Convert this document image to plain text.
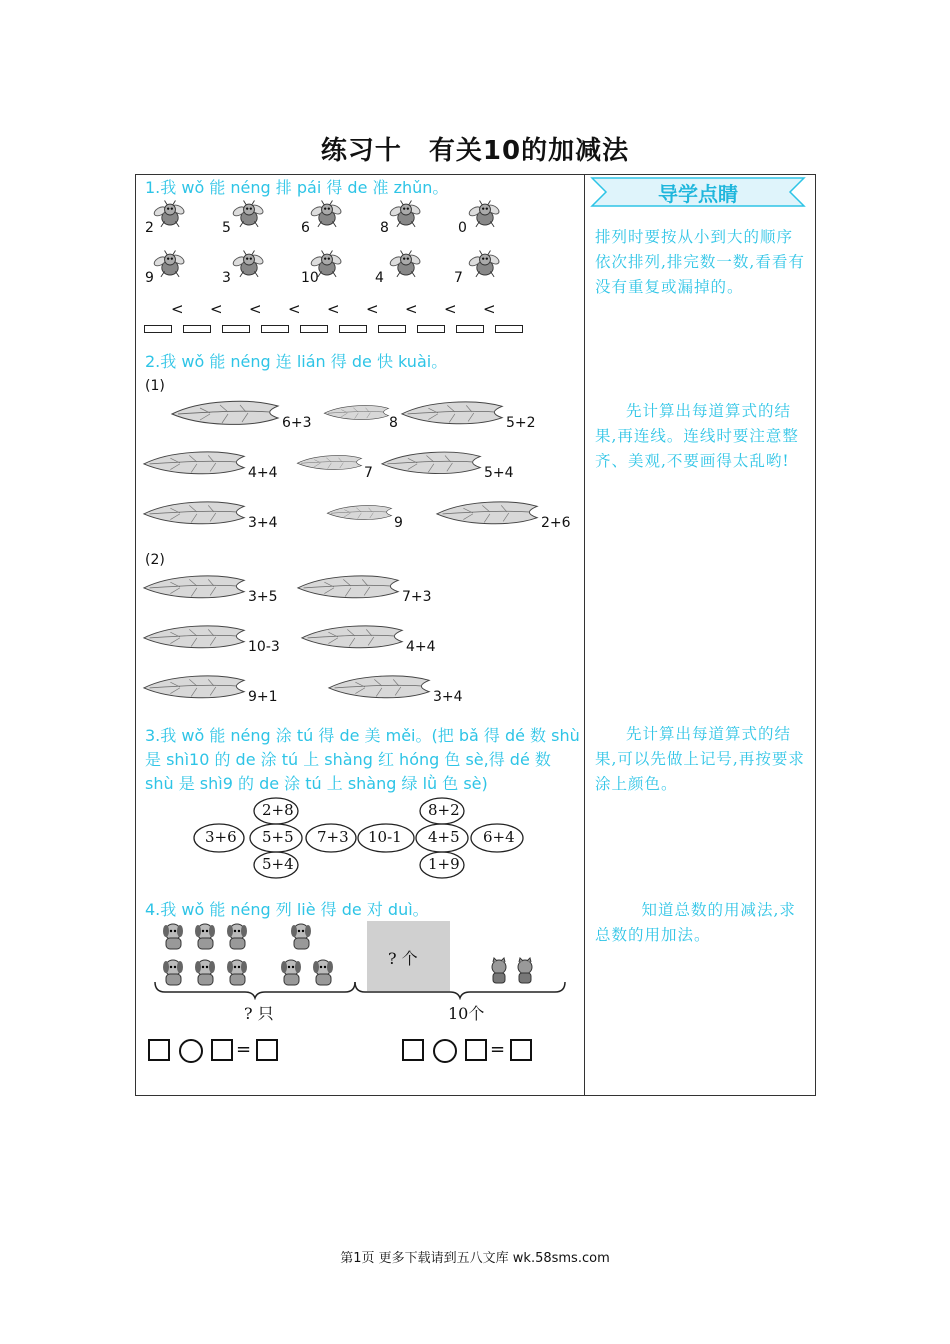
练习十　有关10的加减法
导学点睛
1.我 wǒ 能 néng 排 pái 得 de 准 zhǔn。
2	5	6	8	0
9	3	10	4	7
< < < < < < < < <
2.我 wǒ 能 néng 连 lián 得 de 快 kuài。
(1)
6+3	8	5+2
4+4	7	5+4
3+4	9	2+6
(2)
3+5	7+3
10-3	4+4
9+1	3+4
3.我 wǒ 能 néng 涂 tú 得 de 美 měi。(把 bǎ 得 dé 数 shù 是 shì10 的 de 涂 tú 上 shàng 红 hóng 色 sè,得 dé 数 shù 是 shì9 的 de 涂 tú 上 shàng 绿 lǜ 色 sè)
2+8
3+6 5+5 7+3 10-1 4+5 6+4
5+4
8+2
1+9
4.我 wǒ 能 néng 列 liè 得 de 对 duì。
? 个
? 只	10个
=	=
排列时要按从小到大的顺序依次排列,排完数一数,看看有没有重复或漏掉的。
先计算出每道算式的结果,再连线。连线时要注意整齐、美观,不要画得太乱哟!
先计算出每道算式的结果,可以先做上记号,再按要求涂上颜色。
知道总数的用减法,求总数的用加法。
第1页 更多下载请到五八文库 wk.58sms.com
